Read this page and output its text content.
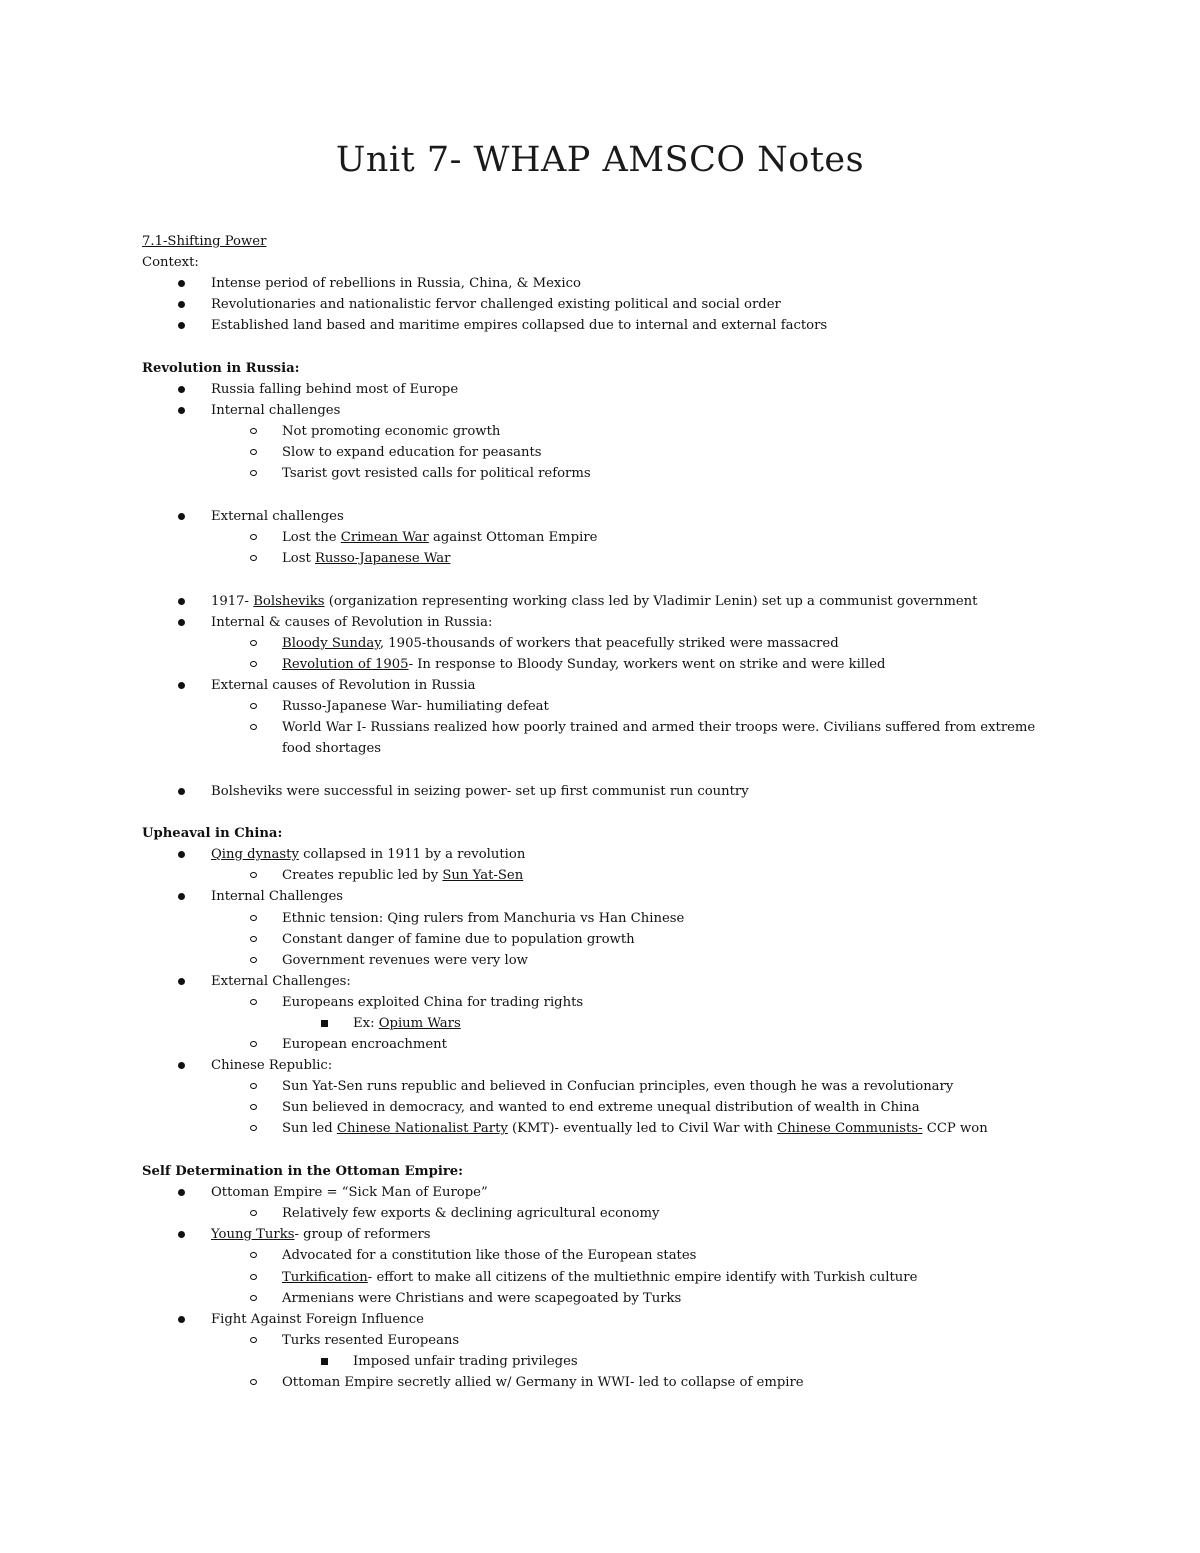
Unit 7- WHAP AMSCO Notes
7.1-Shifting Power
Context:
Intense period of rebellions in Russia, China, & Mexico
Revolutionaries and nationalistic fervor challenged existing political and social order
Established land based and maritime empires collapsed due to internal and external factors
Revolution in Russia:
Russia falling behind most of Europe
Internal challenges
Not promoting economic growth
Slow to expand education for peasants
Tsarist govt resisted calls for political reforms
External challenges
Lost the Crimean War against Ottoman Empire
Lost Russo-Japanese War
1917- Bolsheviks (organization representing working class led by Vladimir Lenin) set up a communist government
Internal & causes of Revolution in Russia:
Bloody Sunday, 1905-thousands of workers that peacefully striked were massacred
Revolution of 1905- In response to Bloody Sunday, workers went on strike and were killed
External causes of Revolution in Russia
Russo-Japanese War- humiliating defeat
World War I- Russians realized how poorly trained and armed their troops were. Civilians suffered from extreme
food shortages
Bolsheviks were successful in seizing power- set up first communist run country
Upheaval in China:
Qing dynasty collapsed in 1911 by a revolution
Creates republic led by Sun Yat-Sen
Internal Challenges
Ethnic tension: Qing rulers from Manchuria vs Han Chinese
Constant danger of famine due to population growth
Government revenues were very low
External Challenges:
Europeans exploited China for trading rights
Ex: Opium Wars
European encroachment
Chinese Republic:
Sun Yat-Sen runs republic and believed in Confucian principles, even though he was a revolutionary
Sun believed in democracy, and wanted to end extreme unequal distribution of wealth in China
Sun led Chinese Nationalist Party (KMT)- eventually led to Civil War with Chinese Communists- CCP won
Self Determination in the Ottoman Empire:
Ottoman Empire = “Sick Man of Europe”
Relatively few exports & declining agricultural economy
Young Turks- group of reformers
Advocated for a constitution like those of the European states
Turkification- effort to make all citizens of the multiethnic empire identify with Turkish culture
Armenians were Christians and were scapegoated by Turks
Fight Against Foreign Influence
Turks resented Europeans
Imposed unfair trading privileges
Ottoman Empire secretly allied w/ Germany in WWI- led to collapse of empire
